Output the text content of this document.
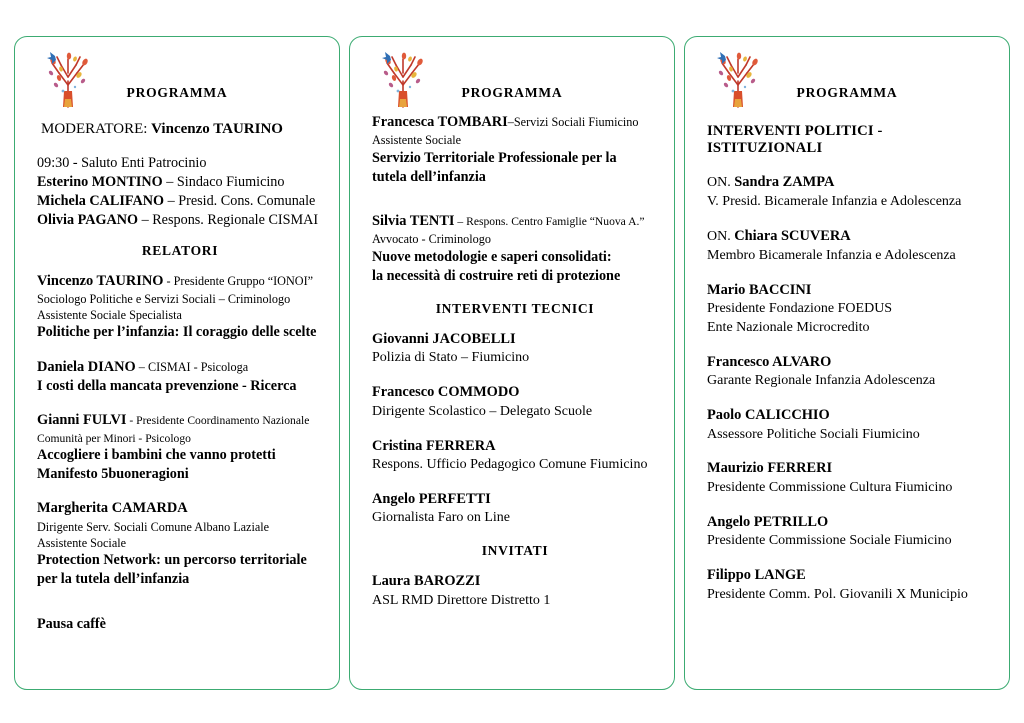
PROGRAMMA
MODERATORE: Vincenzo TAURINO
09:30 - Saluto Enti Patrocinio
Esterino MONTINO – Sindaco Fiumicino
Michela CALIFANO – Presid. Cons. Comunale
Olivia PAGANO – Respons. Regionale CISMAI
RELATORI
Vincenzo TAURINO - Presidente Gruppo “IONOI”
Sociologo Politiche e Servizi Sociali – Criminologo
Assistente Sociale Specialista
Politiche per l’infanzia: Il coraggio delle scelte
Daniela DIANO – CISMAI - Psicologa
I costi della mancata prevenzione - Ricerca
Gianni FULVI - Presidente Coordinamento Nazionale
Comunità per Minori - Psicologo
Accogliere i bambini che vanno protetti
Manifesto 5buoneragioni
Margherita CAMARDA
Dirigente Serv. Sociali Comune Albano Laziale
Assistente Sociale
Protection Network: un percorso territoriale
per la tutela dell’infanzia
Pausa caffè
PROGRAMMA
Francesca TOMBARI–Servizi Sociali Fiumicino
Assistente Sociale
Servizio Territoriale Professionale per la
tutela dell’infanzia
Silvia TENTI – Respons. Centro Famiglie “Nuova A.”
Avvocato - Criminologo
Nuove metodologie e saperi consolidati:
la necessità di costruire reti di protezione
INTERVENTI TECNICI
Giovanni JACOBELLI
Polizia di Stato – Fiumicino
Francesco COMMODO
Dirigente Scolastico – Delegato Scuole
Cristina FERRERA
Respons. Ufficio Pedagogico Comune Fiumicino
Angelo PERFETTI
Giornalista Faro on Line
INVITATI
Laura BAROZZI
ASL RMD Direttore Distretto 1
PROGRAMMA
INTERVENTI POLITICI - ISTITUZIONALI
ON. Sandra ZAMPA
V. Presid. Bicamerale Infanzia e Adolescenza
ON. Chiara SCUVERA
Membro Bicamerale Infanzia e Adolescenza
Mario BACCINI
Presidente Fondazione FOEDUS
Ente Nazionale Microcredito
Francesco ALVARO
Garante Regionale Infanzia Adolescenza
Paolo CALICCHIO
Assessore Politiche Sociali Fiumicino
Maurizio FERRERI
Presidente Commissione Cultura Fiumicino
Angelo PETRILLO
Presidente Commissione Sociale Fiumicino
Filippo LANGE
Presidente Comm. Pol. Giovanili X Municipio
